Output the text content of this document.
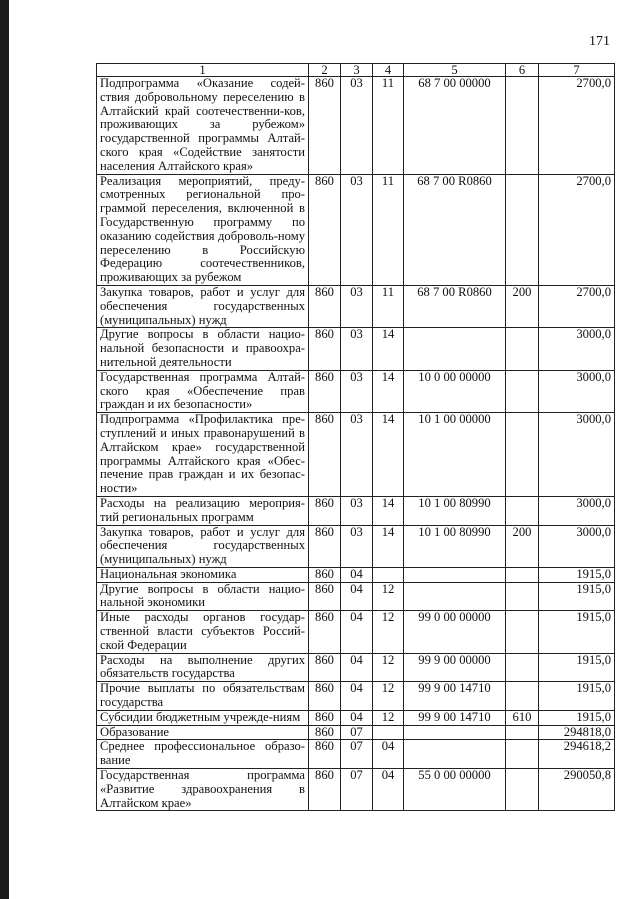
171
1	2	3	4	5	6	7
Подпрограмма «Оказание содей-ствия добровольному переселению в Алтайский край соотечественни-ков, проживающих за рубежом» государственной программы Алтай-ского края «Содействие занятости населения Алтайского края»	860	03	11	68 7 00 00000		2700,0
Реализация мероприятий, преду-смотренных региональной про-граммой переселения, включенной в Государственную программу по оказанию содействия доброволь-ному переселению в Российскую Федерацию соотечественников, проживающих за рубежом	860	03	11	68 7 00 R0860		2700,0
Закупка товаров, работ и услуг для обеспечения государственных (муниципальных) нужд	860	03	11	68 7 00 R0860	200	2700,0
Другие вопросы в области нацио-нальной безопасности и правоохра-нительной деятельности	860	03	14			3000,0
Государственная программа Алтай-ского края «Обеспечение прав граждан и их безопасности»	860	03	14	10 0 00 00000		3000,0
Подпрограмма «Профилактика пре-ступлений и иных правонарушений в Алтайском крае» государственной программы Алтайского края «Обес-печение прав граждан и их безопас-ности»	860	03	14	10 1 00 00000		3000,0
Расходы на реализацию мероприя-тий региональных программ	860	03	14	10 1 00 80990		3000,0
Закупка товаров, работ и услуг для обеспечения государственных (муниципальных) нужд	860	03	14	10 1 00 80990	200	3000,0
Национальная экономика	860	04				1915,0
Другие вопросы в области нацио-нальной экономики	860	04	12			1915,0
Иные расходы органов государ-ственной власти субъектов Россий-ской Федерации	860	04	12	99 0 00 00000		1915,0
Расходы на выполнение других обязательств государства	860	04	12	99 9 00 00000		1915,0
Прочие выплаты по обязательствам государства	860	04	12	99 9 00 14710		1915,0
Субсидии бюджетным учрежде-ниям	860	04	12	99 9 00 14710	610	1915,0
Образование	860	07				294818,0
Среднее профессиональное образо-вание	860	07	04			294618,2
Государственная программа «Развитие здравоохранения в Алтайском крае»	860	07	04	55 0 00 00000		290050,8
